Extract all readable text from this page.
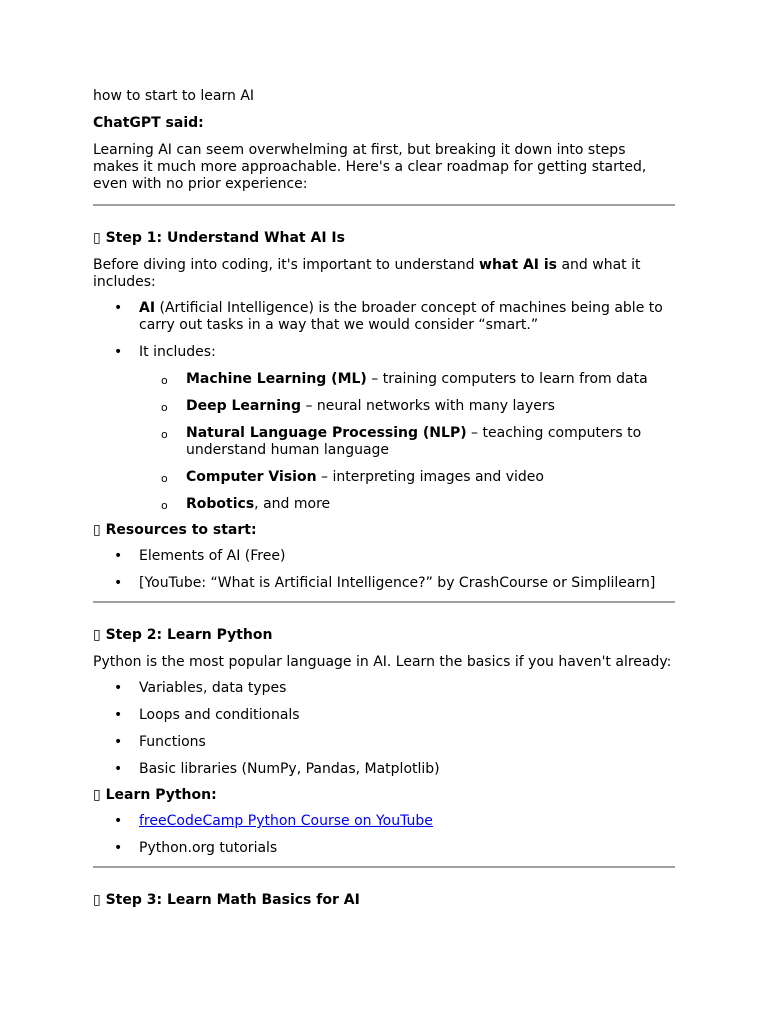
how to start to learn AI

ChatGPT said:

Learning AI can seem overwhelming at first, but breaking it down into steps makes it much more approachable. Here's a clear roadmap for getting started, even with no prior experience:

▯ Step 1: Understand What AI Is

Before diving into coding, it's important to understand what AI is and what it includes:

• AI (Artificial Intelligence) is the broader concept of machines being able to carry out tasks in a way that we would consider “smart.”
• It includes:
o Machine Learning (ML) – training computers to learn from data
o Deep Learning – neural networks with many layers
o Natural Language Processing (NLP) – teaching computers to understand human language
o Computer Vision – interpreting images and video
o Robotics, and more

▯ Resources to start:

• Elements of AI (Free)
• [YouTube: “What is Artificial Intelligence?” by CrashCourse or Simplilearn]

▯ Step 2: Learn Python

Python is the most popular language in AI. Learn the basics if you haven't already:

• Variables, data types
• Loops and conditionals
• Functions
• Basic libraries (NumPy, Pandas, Matplotlib)

▯ Learn Python:

• freeCodeCamp Python Course on YouTube
• Python.org tutorials

▯ Step 3: Learn Math Basics for AI
